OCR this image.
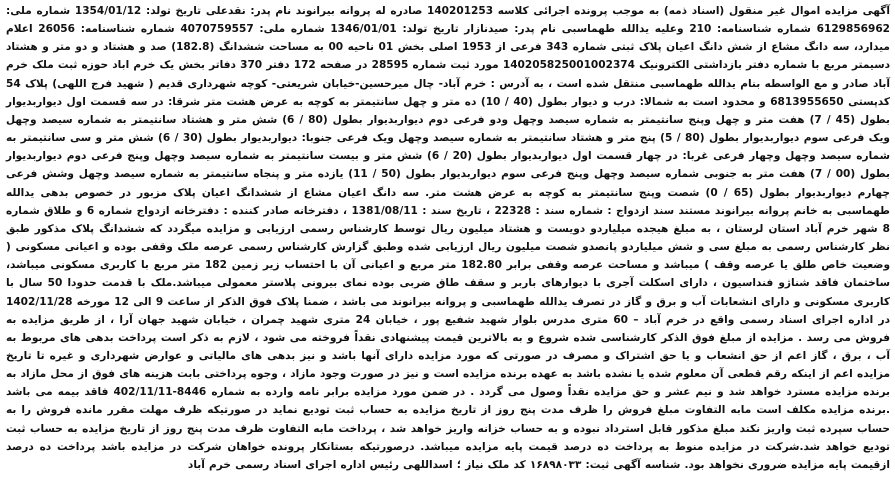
آگهی مزایده اموال غیر منقول (اسناد ذمه) به موجب پرونده اجرائی کلاسه 140201253 صادره له پروانه بیرانوند نام پدر: نقدعلی تاریخ تولد: 1354/01/12 شماره ملی: 6129856962 شماره شناسنامه: 210 وعلیه یدالله طهماسبی نام پدر: صیدنازار تاریخ تولد: 1346/01/01 شماره ملی: 4070759557 شماره شناسنامه: 26056 اعلام میدارد، سه دانگ مشاع از شش دانگ اعیان پلاک ثبتی شماره 343 فرعی از 1953 اصلی بخش 01 ناحیه 00 به مساحت ششدانگ (182.8) صد و هشتاد و دو متر و هشتاد دسیمتر مربع با شماره دفتر بازداشتی الکترونیک 140205825001002374 مورد ثبت شماره 28595 در صفحه 172 دفتر 370 دفاتر بخش یک خرم اباد حوزه ثبت ملک خرم آباد صادر و مع الواسطه بنام یدالله طهماسبی منتقل شده است ، به آدرس : خرم آباد- چال میرحسین-خیابان شریعتی- کوچه شهرداری قدیم ( شهید فرج اللهی) پلاک 54 کدپستی 6813955650 و محدود است به شمالا: درب و دیوار بطول (40 / 10) ده متر و چهل سانتیمتر به کوچه به عرض هشت متر شرقا: در سه قسمت اول دیواربدیوار بطول (45 / 7) هفت متر و چهل وپنج سانتیمتر به شماره سیصد وچهل ودو فرعی دوم دیواربدیوار بطول (80 / 6) شش متر و هشتاد سانتیمتر به شماره سیصد وچهل ویک فرعی سوم دیواربدیوار بطول (80 / 5) پنج متر و هشتاد سانتیمتر به شماره سیصد وچهل ویک فرعی جنوبا: دیواربدیوار بطول (30 / 6) شش متر و سی سانتیمتر به شماره سیصد وچهل وچهار فرعی غربا: در چهار قسمت اول دیواربدیوار بطول (20 / 6) شش متر و بیست سانتیمتر به شماره سیصد وچهل وپنج فرعی دوم دیواربدیوار بطول (00 / 7) هفت متر به جنوبی شماره سیصد وچهل وپنج فرعی سوم دیواربدیوار بطول (50 / 11) یازده متر و پنجاه سانتیمتر به شماره سیصد وچهل وشش فرعی چهارم دیواربدیوار بطول (65 / 0) شصت وپنج سانتیمتر به کوچه به عرض هشت متر. سه دانگ اعیان مشاع از ششدانگ اعیان پلاک مزبور در خصوص بدهی یدالله طهماسبی به خانم پروانه بیرانوند مستند سند ازدواج : شماره سند : 22328 ، تاریخ سند : 1381/08/11 ، دفترخانه صادر کننده : دفترخانه ازدواج شماره 6 و طلاق شماره 8 شهر خرم آباد استان لرستان ، به مبلغ هیجده میلیاردو دویست و هشتاد میلیون ریال توسط کارشناس رسمی ارزیابی و مزایده میگردد که ششدانگ پلاک مذکور طبق نظر کارشناس رسمی به مبلغ سی و شش میلیاردو پانصدو شصت میلیون ریال ارزیابی شده وطبق گزارش کارشناس رسمی عرصه ملک وقفی بوده و اعیانی مسکونی ( وضعیت خاص طلق یا عرصه وقف ) میباشد و مساحت عرصه وقفی برابر 182.80 متر مربع و اعیانی آن با احتساب زیر زمین 182 متر مربع با کاربری مسکونی میباشد، ساختمان فاقد شناژو فنداسیون ، دارای اسکلت آجری با دیوارهای باربر و سقف طاق ضربی بوده نمای بیرونی پلاستر معمولی میباشد.ملک با قدمت حدودا 50 سال با کاربری مسکونی و دارای انشعابات آب و برق و گاز در تصرف یدالله طهماسبی و پروانه بیرانوند می باشد ، ضمنا پلاک فوق الذکر از ساعت 9 الی 12 مورخه 1402/11/28 در اداره اجرای اسناد رسمی واقع در خرم آباد – 60 متری مدرس بلوار شهید شفیع پور ، خیابان 24 متری شهید چمران ، خیابان شهید جهان آرا ، از طریق مزایده به فروش می رسد . مزایده از مبلغ فوق الذکر کارشناسی شده شروع و به بالاترین قیمت پیشنهادی نقداً فروخته می شود ، لازم به ذکر است پرداخت بدهی های مربوط به آب ، برق ، گاز اعم از حق انشعاب و یا حق اشتراک و مصرف در صورتی که مورد مزایده دارای آنها باشد و نیز بدهی های مالیاتی و عوارض شهرداری و غیره تا تاریخ مزایده اعم از اینکه رقم قطعی آن معلوم شده یا نشده باشد به عهده برنده مزایده است و نیز در صورت وجود مازاد ، وجوه پرداختی بابت هزینه های فوق از محل مازاد به برنده مزایده مسترد خواهد شد و نیم عشر و حق مزایده نقداً وصول می گردد . در ضمن مورد مزایده برابر نامه وارده به شماره 8446-402/11/11 فاقد بیمه می باشد .برنده مزایده مکلف است مابه التفاوت مبلغ فروش را ظرف مدت پنج روز از تاریخ مزایده به حساب ثبت تودیع نماید در صورتیکه ظرف مهلت مقرر مانده فروش را به حساب سپرده ثبت واریز نکند مبلغ مذکور قابل استرداد نبوده و به حساب خزانه واریز خواهد شد ، پرداخت مابه التفاوت ظرف مدت پنج روز از تاریخ مزایده به حساب ثبت تودیع خواهد شد.شرکت در مزایده منوط به پرداخت ده درصد قیمت پایه مزایده میباشد. درصورتیکه بستانکار پرونده خواهان شرکت در مزایده باشد پرداخت ده درصد ازقیمت پایه مزایده ضروری نخواهد بود. شناسه آگهی ثبت: ۱۶۸۹۸۰۳۳ کد ملک نیاز ؛ اسداللهی رئیس اداره اجرای اسناد رسمی خرم آباد
